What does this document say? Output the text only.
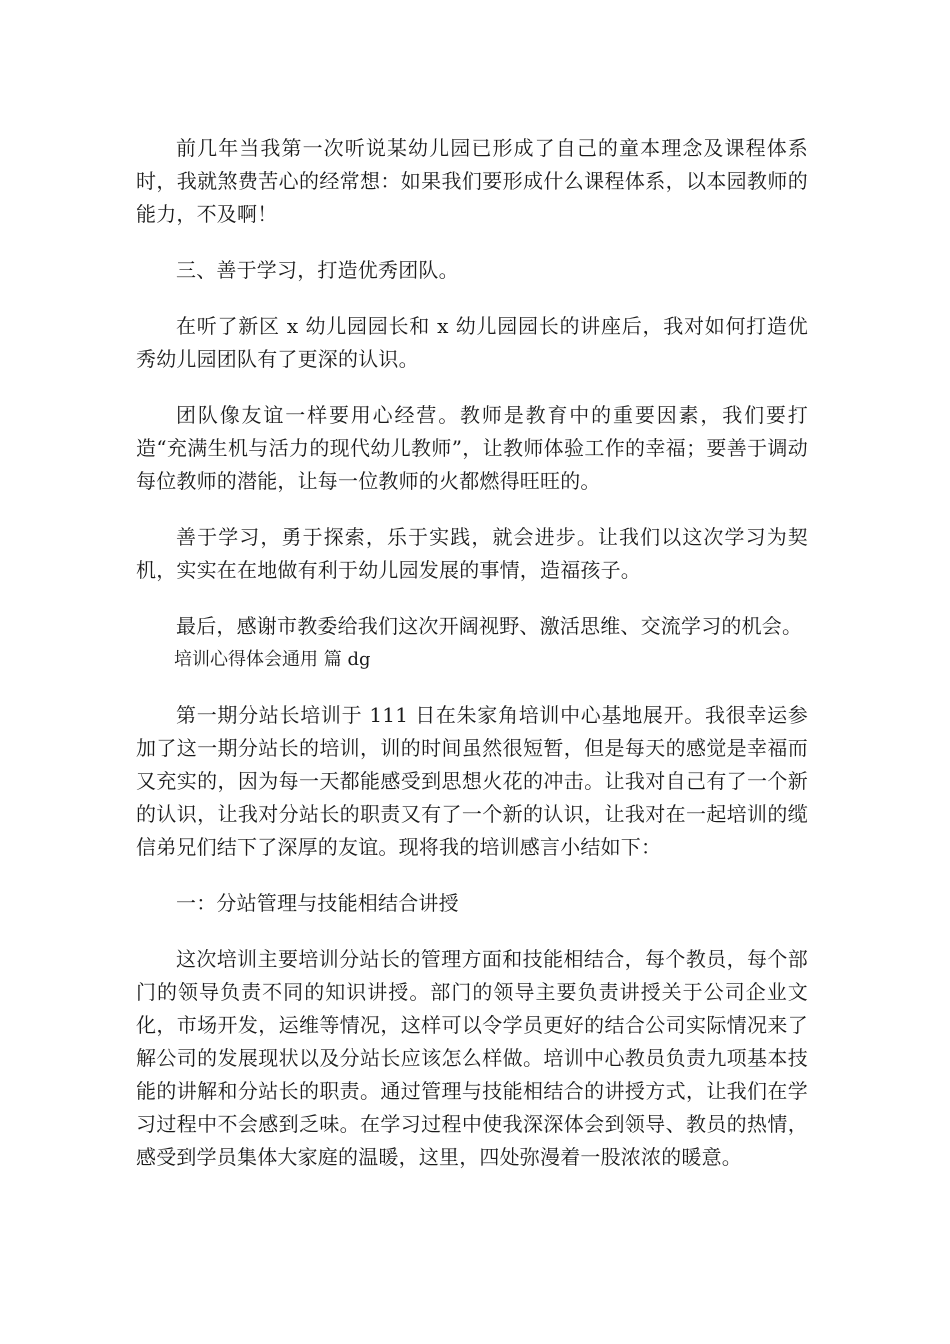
前几年当我第一次听说某幼儿园已形成了自己的童本理念及课程体系时，我就煞费苦心的经常想：如果我们要形成什么课程体系，以本园教师的能力，不及啊！

三、善于学习，打造优秀团队。

在听了新区 x 幼儿园园长和 x 幼儿园园长的讲座后，我对如何打造优秀幼儿园团队有了更深的认识。

团队像友谊一样要用心经营。教师是教育中的重要因素，我们要打造“充满生机与活力的现代幼儿教师”，让教师体验工作的幸福；要善于调动每位教师的潜能，让每一位教师的火都燃得旺旺的。

善于学习，勇于探索，乐于实践，就会进步。让我们以这次学习为契机，实实在在地做有利于幼儿园发展的事情，造福孩子。

最后，感谢市教委给我们这次开阔视野、激活思维、交流学习的机会。

培训心得体会通用 篇 dg

第一期分站长培训于 111 日在朱家角培训中心基地展开。我很幸运参加了这一期分站长的培训，训的时间虽然很短暂，但是每天的感觉是幸福而又充实的，因为每一天都能感受到思想火花的冲击。让我对自己有了一个新的认识，让我对分站长的职责又有了一个新的认识，让我对在一起培训的缆信弟兄们结下了深厚的友谊。现将我的培训感言小结如下：

一：分站管理与技能相结合讲授

这次培训主要培训分站长的管理方面和技能相结合，每个教员，每个部门的领导负责不同的知识讲授。部门的领导主要负责讲授关于公司企业文化，市场开发，运维等情况，这样可以令学员更好的结合公司实际情况来了解公司的发展现状以及分站长应该怎么样做。培训中心教员负责九项基本技能的讲解和分站长的职责。通过管理与技能相结合的讲授方式，让我们在学习过程中不会感到乏味。在学习过程中使我深深体会到领导、教员的热情，感受到学员集体大家庭的温暖，这里，四处弥漫着一股浓浓的暖意。
